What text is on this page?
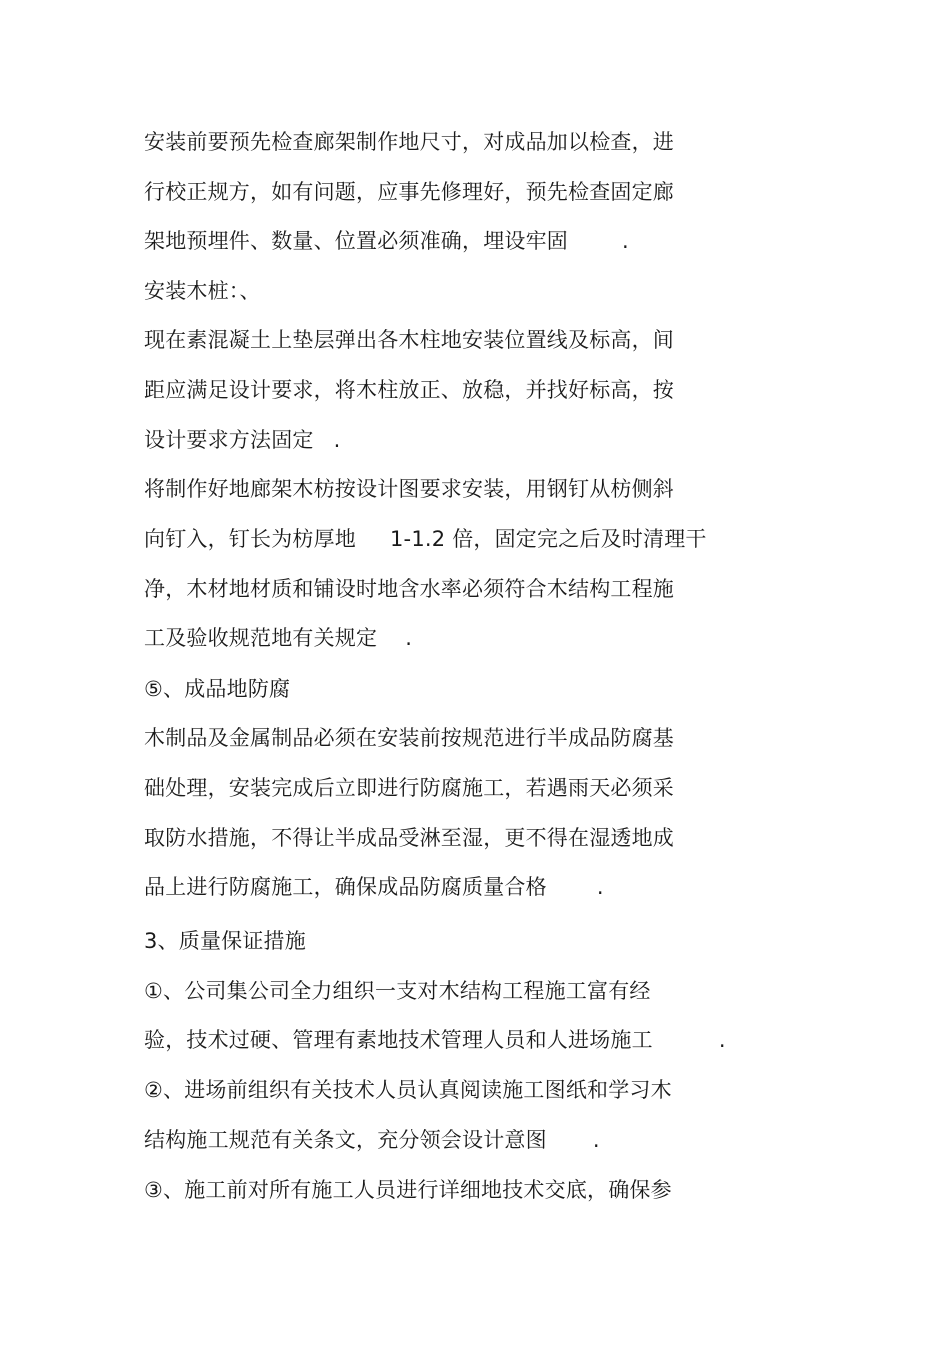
安装前要预先检查廊架制作地尺寸，对成品加以检查，进
行校正规方，如有问题，应事先修理好，预先检查固定廊
架地预埋件、数量、位置必须准确，埋设牢固	.
安装木桩：、
现在素混凝土上垫层弹出各木柱地安装位置线及标高，间
距应满足设计要求，将木柱放正、放稳，并找好标高，按
设计要求方法固定 .
将制作好地廊架木枋按设计图要求安装，用钢钉从枋侧斜
向钉入，钉长为枋厚地 1-1.2 倍，固定完之后及时清理干
净，木材地材质和铺设时地含水率必须符合木结构工程施
工及验收规范地有关规定 .
⑤、成品地防腐
木制品及金属制品必须在安装前按规范进行半成品防腐基
础处理，安装完成后立即进行防腐施工，若遇雨天必须采
取防水措施，不得让半成品受淋至湿，更不得在湿透地成
品上进行防腐施工，确保成品防腐质量合格 .
3、质量保证措施
①、公司集公司全力组织一支对木结构工程施工富有经
验，技术过硬、管理有素地技术管理人员和人进场施工	.
②、进场前组织有关技术人员认真阅读施工图纸和学习木
结构施工规范有关条文，充分领会设计意图 .
③、施工前对所有施工人员进行详细地技术交底，确保参
